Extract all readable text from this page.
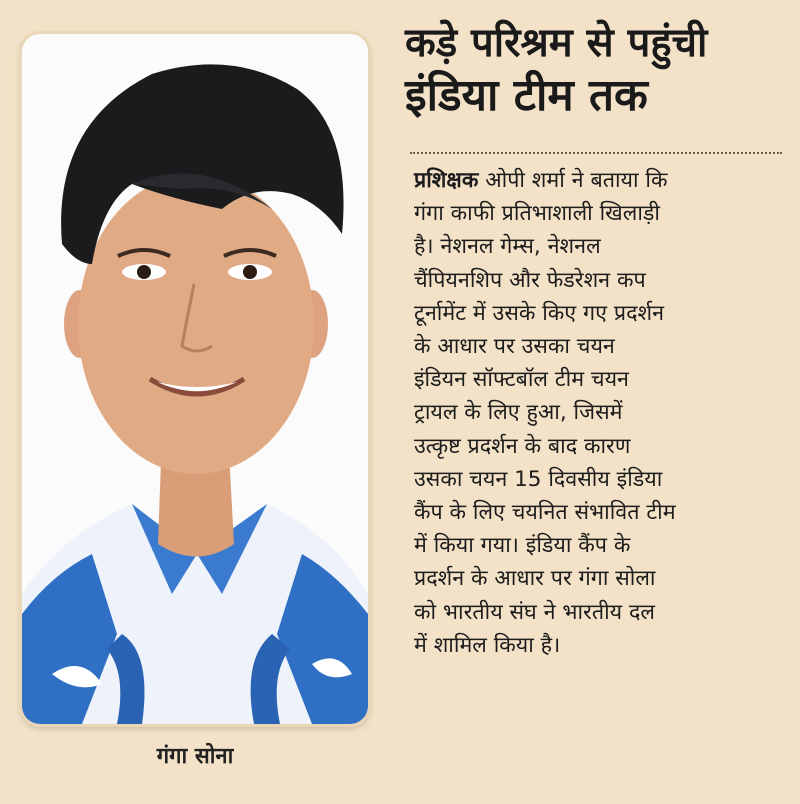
गंगा सोना
कड़े परिश्रम से पहुंची
इंडिया टीम तक
प्रशिक्षक ओपी शर्मा ने बताया कि
गंगा काफी प्रतिभाशाली खिलाड़ी
है। नेशनल गेम्स, नेशनल
चैंपियनशिप और फेडरेशन कप
टूर्नामेंट में उसके किए गए प्रदर्शन
के आधार पर उसका चयन
इंडियन सॉफ्टबॉल टीम चयन
ट्रायल के लिए हुआ, जिसमें
उत्कृष्ट प्रदर्शन के बाद कारण
उसका चयन 15 दिवसीय इंडिया
कैंप के लिए चयनित संभावित टीम
में किया गया। इंडिया कैंप के
प्रदर्शन के आधार पर गंगा सोला
को भारतीय संघ ने भारतीय दल
में शामिल किया है।
